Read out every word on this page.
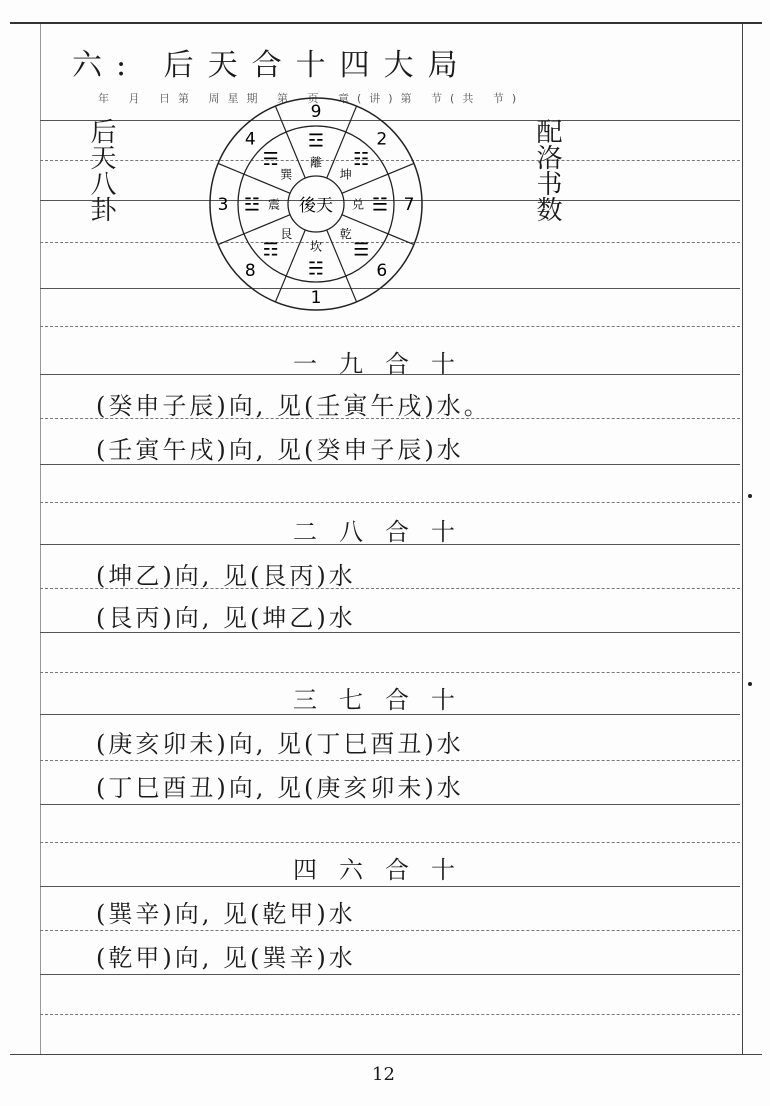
六: 后天合十四大局
年 月 日第 周星期 第 页 章(讲)第 节(共 节)
后天八卦	配洛书数
9
☲
離
2
☷
坤
7
☱
兑
6
☰
乾
1
☵
坎
8
☶
艮
3 ☳ 震
4
☴
巽
後天
一九合十
(癸申子辰)向, 见(壬寅午戌)水。
(壬寅午戌)向, 见(癸申子辰)水
二八合十
(坤乙)向, 见(艮丙)水
(艮丙)向, 见(坤乙)水
三七合十
(庚亥卯未)向, 见(丁巳酉丑)水
(丁巳酉丑)向, 见(庚亥卯未)水
四六合十
(巽辛)向, 见(乾甲)水
(乾甲)向, 见(巽辛)水
12
